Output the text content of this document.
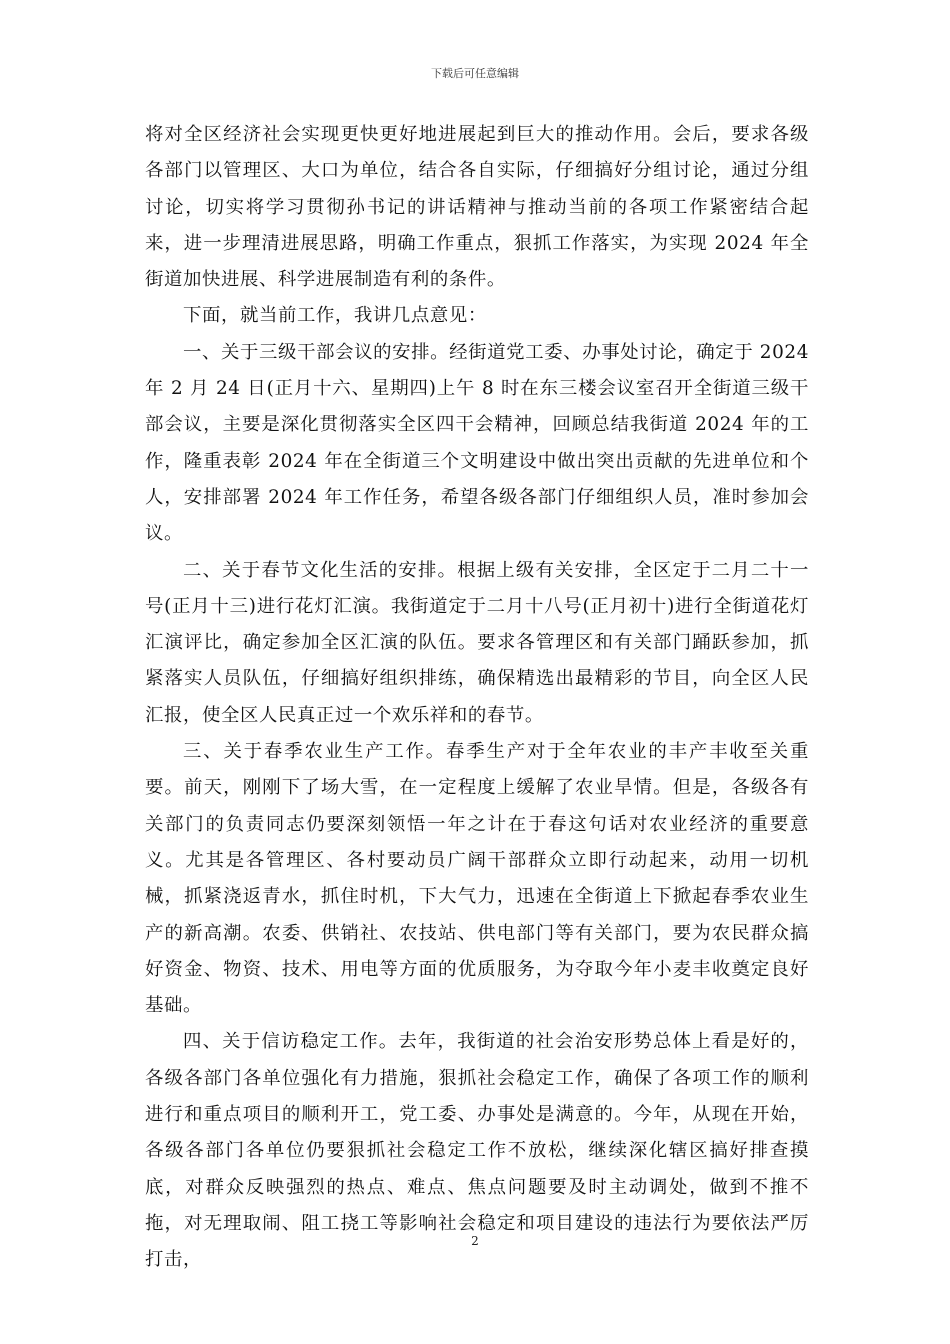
下载后可任意编辑

将对全区经济社会实现更快更好地进展起到巨大的推动作用。会后，要求各级各部门以管理区、大口为单位，结合各自实际，仔细搞好分组讨论，通过分组讨论，切实将学习贯彻孙书记的讲话精神与推动当前的各项工作紧密结合起来，进一步理清进展思路，明确工作重点，狠抓工作落实，为实现 2024 年全街道加快进展、科学进展制造有利的条件。

下面，就当前工作，我讲几点意见：

一、关于三级干部会议的安排。经街道党工委、办事处讨论，确定于 2024 年 2 月 24 日(正月十六、星期四)上午 8 时在东三楼会议室召开全街道三级干部会议，主要是深化贯彻落实全区四干会精神，回顾总结我街道 2024 年的工作，隆重表彰 2024 年在全街道三个文明建设中做出突出贡献的先进单位和个人，安排部署 2024 年工作任务，希望各级各部门仔细组织人员，准时参加会议。

二、关于春节文化生活的安排。根据上级有关安排，全区定于二月二十一号(正月十三)进行花灯汇演。我街道定于二月十八号(正月初十)进行全街道花灯汇演评比，确定参加全区汇演的队伍。要求各管理区和有关部门踊跃参加，抓紧落实人员队伍，仔细搞好组织排练，确保精选出最精彩的节目，向全区人民汇报，使全区人民真正过一个欢乐祥和的春节。

三、关于春季农业生产工作。春季生产对于全年农业的丰产丰收至关重要。前天，刚刚下了场大雪，在一定程度上缓解了农业旱情。但是，各级各有关部门的负责同志仍要深刻领悟一年之计在于春这句话对农业经济的重要意义。尤其是各管理区、各村要动员广阔干部群众立即行动起来，动用一切机械，抓紧浇返青水，抓住时机，下大气力，迅速在全街道上下掀起春季农业生产的新高潮。农委、供销社、农技站、供电部门等有关部门，要为农民群众搞好资金、物资、技术、用电等方面的优质服务，为夺取今年小麦丰收奠定良好基础。

四、关于信访稳定工作。去年，我街道的社会治安形势总体上看是好的，各级各部门各单位强化有力措施，狠抓社会稳定工作，确保了各项工作的顺利进行和重点项目的顺利开工，党工委、办事处是满意的。今年，从现在开始，各级各部门各单位仍要狠抓社会稳定工作不放松，继续深化辖区搞好排查摸底，对群众反映强烈的热点、难点、焦点问题要及时主动调处，做到不推不拖，对无理取闹、阻工挠工等影响社会稳定和项目建设的违法行为要依法严厉打击，

2
